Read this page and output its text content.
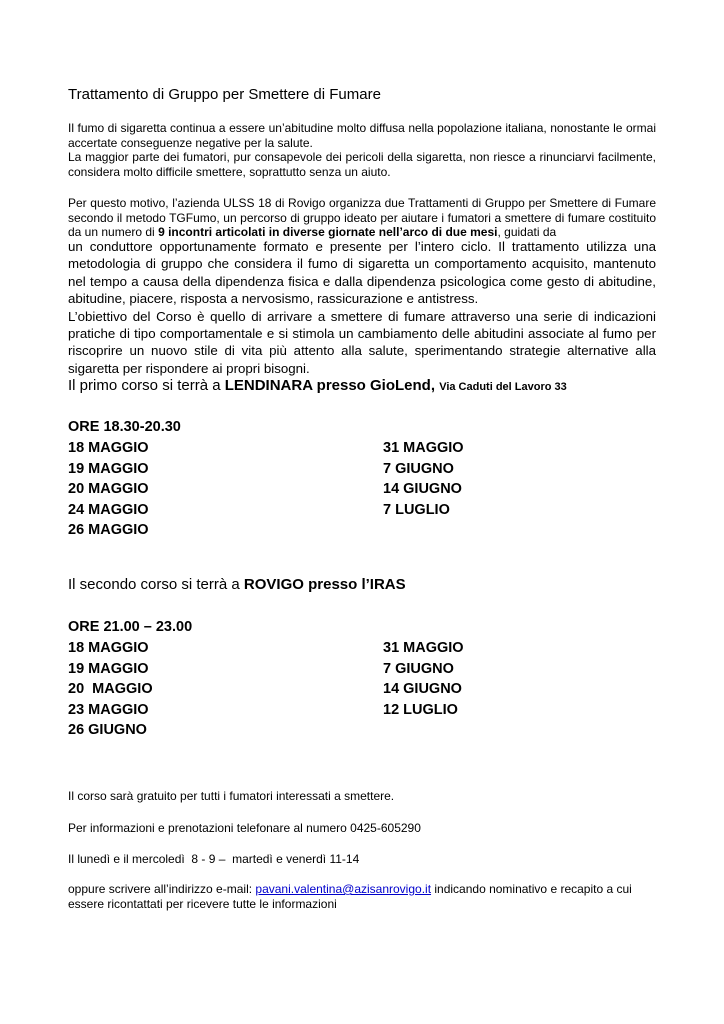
Trattamento di Gruppo per Smettere di Fumare

Il fumo di sigaretta continua a essere un’abitudine molto diffusa nella popolazione italiana, nonostante le ormai accertate conseguenze negative per la salute.

La maggior parte dei fumatori, pur consapevole dei pericoli della sigaretta, non riesce a rinunciarvi facilmente, considera molto difficile smettere, soprattutto senza un aiuto.

Per questo motivo, l’azienda ULSS 18 di Rovigo organizza due Trattamenti di Gruppo per Smettere di Fumare secondo il metodo TGFumo, un percorso di gruppo ideato per aiutare i fumatori a smettere di fumare costituito da un numero di 9 incontri articolati in diverse giornate nell’arco di due mesi, guidati da

un conduttore opportunamente formato e presente per l’intero ciclo. Il trattamento utilizza una metodologia di gruppo che considera il fumo di sigaretta un comportamento acquisito, mantenuto nel tempo a causa della dipendenza fisica e dalla dipendenza psicologica come gesto di abitudine, abitudine, piacere, risposta a nervosismo, rassicurazione e antistress.

L’obiettivo del Corso è quello di arrivare a smettere di fumare attraverso una serie di indicazioni pratiche di tipo comportamentale e si stimola un cambiamento delle abitudini associate al fumo per riscoprire un nuovo stile di vita più attento alla salute, sperimentando strategie alternative alla sigaretta per rispondere ai propri bisogni.

Il primo corso si terrà a LENDINARA presso GioLend, Via Caduti del Lavoro 33
ORE 18.30-20.30
18 MAGGIO
19 MAGGIO
20 MAGGIO
24 MAGGIO
26 MAGGIO
31 MAGGIO
7 GIUGNO
14 GIUGNO
7 LUGLIO
Il secondo corso si terrà a ROVIGO presso l’IRAS
ORE 21.00 – 23.00
18 MAGGIO
19 MAGGIO
20  MAGGIO
23 MAGGIO
26 GIUGNO
31 MAGGIO
7 GIUGNO
14 GIUGNO
12 LUGLIO
Il corso sarà gratuito per tutti i fumatori interessati a smettere.
Per informazioni e prenotazioni telefonare al numero 0425-605290
Il lunedì e il mercoledì  8 - 9 –  martedì e venerdì 11-14
oppure scrivere all’indirizzo e-mail: pavani.valentina@azisanrovigo.it indicando nominativo e recapito a cui essere ricontattati per ricevere tutte le informazioni
